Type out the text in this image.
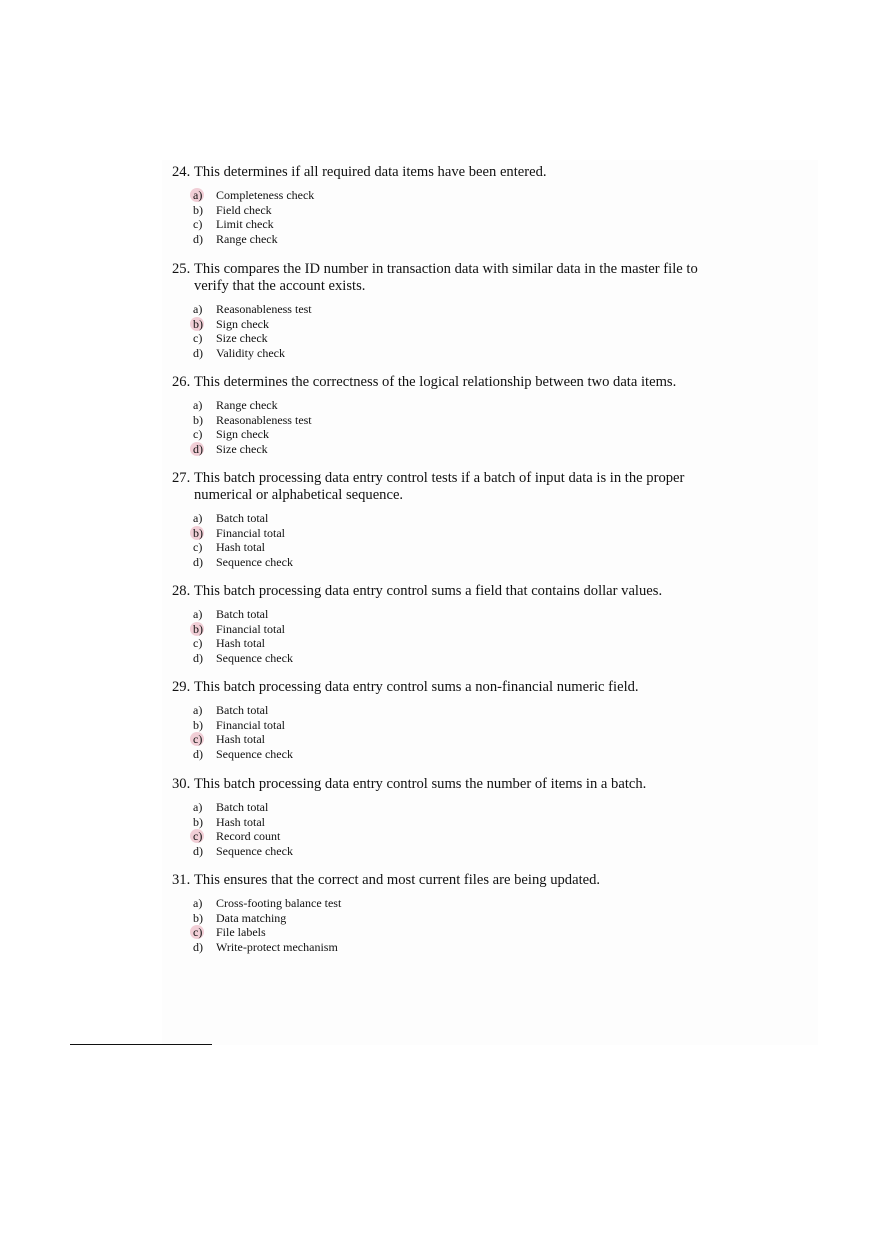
24. This determines if all required data items have been entered.
a)	Completeness check
b)	Field check
c)	Limit check
d)	Range check
25. This compares the ID number in transaction data with similar data in the master file to verify that the account exists.
a)	Reasonableness test
b)	Sign check
c)	Size check
d)	Validity check
26. This determines the correctness of the logical relationship between two data items.
a)	Range check
b)	Reasonableness test
c)	Sign check
d)	Size check
27. This batch processing data entry control tests if a batch of input data is in the proper numerical or alphabetical sequence.
a)	Batch total
b)	Financial total
c)	Hash total
d)	Sequence check
28. This batch processing data entry control sums a field that contains dollar values.
a)	Batch total
b)	Financial total
c)	Hash total
d)	Sequence check
29. This batch processing data entry control sums a non-financial numeric field.
a)	Batch total
b)	Financial total
c)	Hash total
d)	Sequence check
30. This batch processing data entry control sums the number of items in a batch.
a)	Batch total
b)	Hash total
c)	Record count
d)	Sequence check
31. This ensures that the correct and most current files are being updated.
a)	Cross-footing balance test
b)	Data matching
c)	File labels
d)	Write-protect mechanism
